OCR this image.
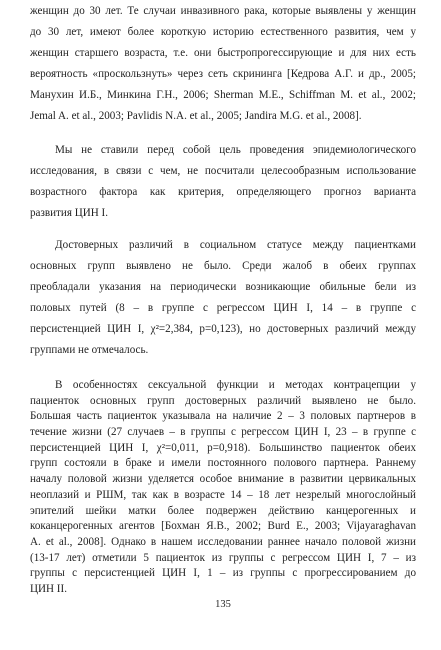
женщин до 30 лет. Те случаи инвазивного рака, которые выявлены у женщин
до 30 лет, имеют более короткую историю естественного развития, чем у
женщин старшего возраста, т.е. они быстропрогессирующие и для них есть
вероятность «проскользнуть» через сеть скрининга [Кедрова А.Г. и др., 2005;
Манухин И.Б., Минкина Г.Н., 2006; Sherman M.E., Schiffman M. et al., 2002;
Jemal A. et al., 2003; Pavlidis N.A. et al., 2005; Jandira M.G. et al., 2008].
Мы не ставили перед собой цель проведения эпидемиологического
исследования, в связи с чем, не посчитали целесообразным использование
возрастного фактора как критерия, определяющего прогноз варианта
развития ЦИН I.
Достоверных различий в социальном статусе между пациентками
основных групп выявлено не было. Среди жалоб в обеих группах
преобладали указания на периодически возникающие обильные бели из
половых путей (8 – в группе с регрессом ЦИН I, 14 – в группе с
персистенцией ЦИН I, χ²=2,384, p=0,123), но достоверных различий между
группами не отмечалось.
В особенностях сексуальной функции и методах контрацепции у
пациенток основных групп достоверных различий выявлено не было.
Большая часть пациенток указывала на наличие 2 – 3 половых партнеров в
течение жизни (27 случаев – в группы с регрессом ЦИН I, 23 – в группе с
персистенцией ЦИН I, χ²=0,011, p=0,918). Большинство пациенток обеих
групп состояли в браке и имели постоянного полового партнера. Раннему
началу половой жизни уделяется особое внимание в развитии цервикальных
неоплазий и РШМ, так как в возрасте 14 – 18 лет незрелый многослойный
эпителий шейки матки более подвержен действию канцерогенных и
коканцерогенных агентов [Бохман Я.В., 2002; Burd E., 2003; Vijayaraghavan
A. et al., 2008]. Однако в нашем исследовании раннее начало половой жизни
(13-17 лет) отметили 5 пациенток из группы с регрессом ЦИН I, 7 – из
группы с персистенцией ЦИН I, 1 – из группы с прогрессированием до
ЦИН II.
135
